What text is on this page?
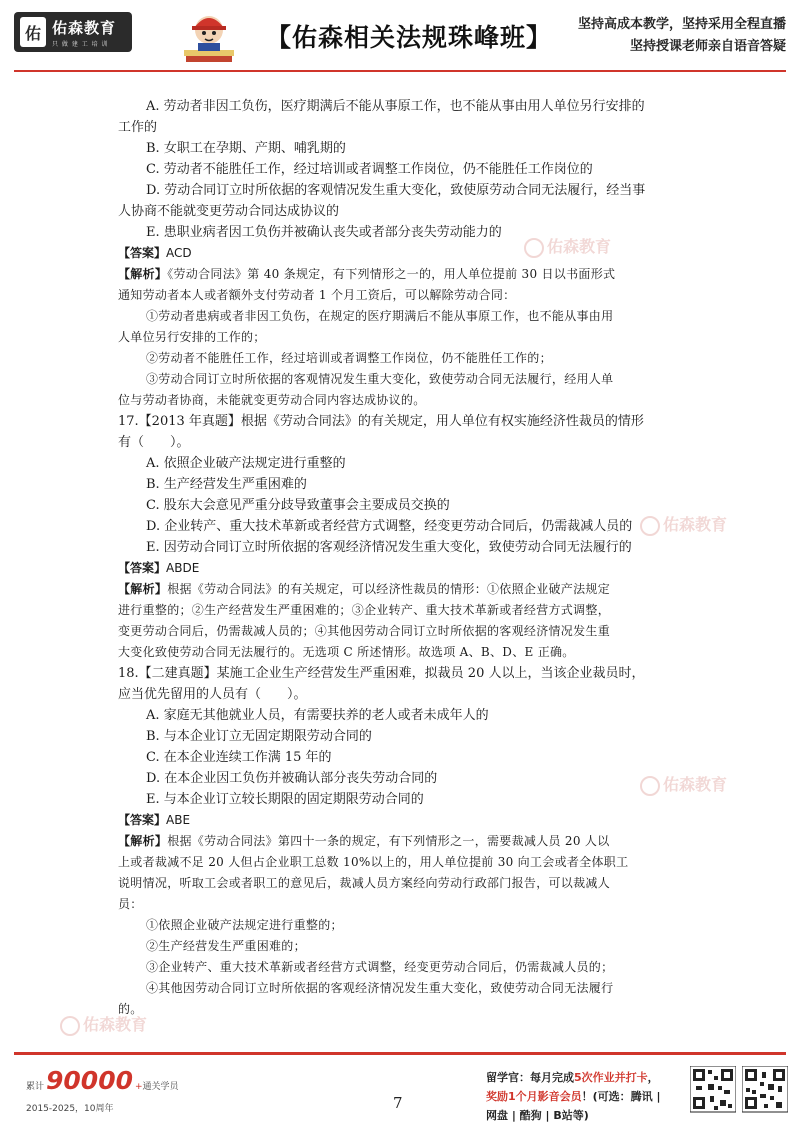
佑 佑森教育
只 做 建 工 培 训	【佑森相关法规珠峰班】 坚持高成本教学，坚持采用全程直播
坚持授课老师亲自语音答疑
佑森教育
佑森教育
佑森教育
佑森教育
A. 劳动者非因工负伤，医疗期满后不能从事原工作，也不能从事由用人单位另行安排的
工作的
B. 女职工在孕期、产期、哺乳期的
C. 劳动者不能胜任工作，经过培训或者调整工作岗位，仍不能胜任工作岗位的
D. 劳动合同订立时所依据的客观情况发生重大变化，致使原劳动合同无法履行，经当事
人协商不能就变更劳动合同达成协议的
E. 患职业病者因工负伤并被确认丧失或者部分丧失劳动能力的
【答案】ACD
【解析】《劳动合同法》第 40 条规定，有下列情形之一的，用人单位提前 30 日以书面形式
通知劳动者本人或者额外支付劳动者 1 个月工资后，可以解除劳动合同：
①劳动者患病或者非因工负伤，在规定的医疗期满后不能从事原工作，也不能从事由用
人单位另行安排的工作的；
②劳动者不能胜任工作，经过培训或者调整工作岗位，仍不能胜任工作的；
③劳动合同订立时所依据的客观情况发生重大变化，致使劳动合同无法履行，经用人单
位与劳动者协商，未能就变更劳动合同内容达成协议的。
17.【2013 年真题】根据《劳动合同法》的有关规定，用人单位有权实施经济性裁员的情形
有（　　）。
A. 依照企业破产法规定进行重整的
B. 生产经营发生严重困难的
C. 股东大会意见严重分歧导致董事会主要成员交换的
D. 企业转产、重大技术革新或者经营方式调整，经变更劳动合同后，仍需裁减人员的
E. 因劳动合同订立时所依据的客观经济情况发生重大变化，致使劳动合同无法履行的
【答案】ABDE
【解析】根据《劳动合同法》的有关规定，可以经济性裁员的情形：①依照企业破产法规定
进行重整的；②生产经营发生严重困难的；③企业转产、重大技术革新或者经营方式调整，
变更劳动合同后，仍需裁减人员的；④其他因劳动合同订立时所依据的客观经济情况发生重
大变化致使劳动合同无法履行的。无选项 C 所述情形。故选项 A、B、D、E 正确。
18.【二建真题】某施工企业生产经营发生严重困难，拟裁员 20 人以上，当该企业裁员时，
应当优先留用的人员有（　　）。
A. 家庭无其他就业人员，有需要扶养的老人或者未成年人的
B. 与本企业订立无固定期限劳动合同的
C. 在本企业连续工作满 15 年的
D. 在本企业因工负伤并被确认部分丧失劳动合同的
E. 与本企业订立较长期限的固定期限劳动合同的
【答案】ABE
【解析】根据《劳动合同法》第四十一条的规定，有下列情形之一，需要裁减人员 20 人以
上或者裁减不足 20 人但占企业职工总数 10%以上的，用人单位提前 30 向工会或者全体职工
说明情况，听取工会或者职工的意见后，裁减人员方案经向劳动行政部门报告，可以裁减人
员：
①依照企业破产法规定进行重整的；
②生产经营发生严重困难的；
③企业转产、重大技术革新或者经营方式调整，经变更劳动合同后，仍需裁减人员的；
④其他因劳动合同订立时所依据的客观经济情况发生重大变化，致使劳动合同无法履行
的。
累计 90000 + 通关学员
2015-2025，10周年	7
留学官：每月完成5次作业并打卡，
奖励1个月影音会员！(可选：腾讯 |
网盘 | 酷狗 | B站等)
